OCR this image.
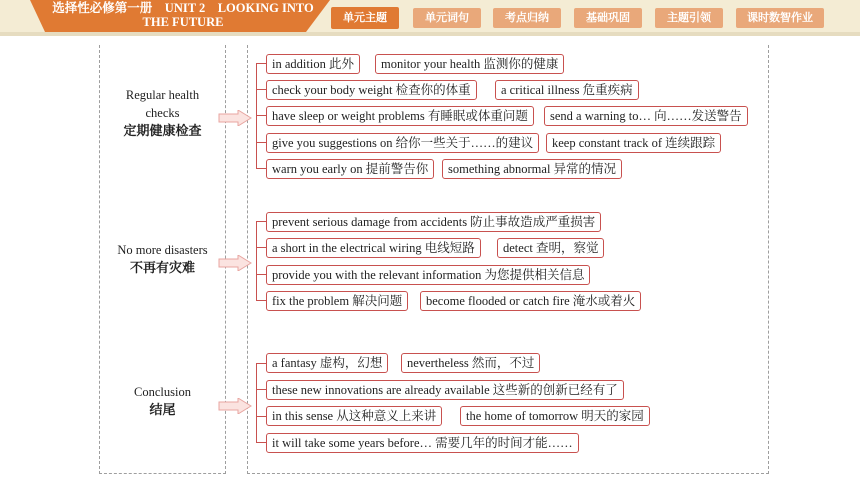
选择性必修第一册　UNIT 2　LOOKING INTO
THE FUTURE	单元主题	单元词句	考点归纳	基础巩固	主题引领	课时数智作业
Regular health
checks
定期健康检查
in addition 此外	monitor your health 监测你的健康
check your body weight 检查你的体重	a critical illness 危重疾病
have sleep or weight problems 有睡眠或体重问题	send a warning to… 向……发送警告
give you suggestions on 给你一些关于……的建议	keep constant track of 连续跟踪
warn you early on 提前警告你	something abnormal 异常的情况
No more disasters
不再有灾难
prevent serious damage from accidents 防止事故造成严重损害
a short in the electrical wiring 电线短路	detect 查明，察觉
provide you with the relevant information 为您提供相关信息
fix the problem 解决问题	become flooded or catch fire 淹水或着火
Conclusion
结尾
a fantasy 虚构，幻想	nevertheless 然而，不过
these new innovations are already available 这些新的创新已经有了
in this sense 从这种意义上来讲	the home of tomorrow 明天的家园
it will take some years before… 需要几年的时间才能……
